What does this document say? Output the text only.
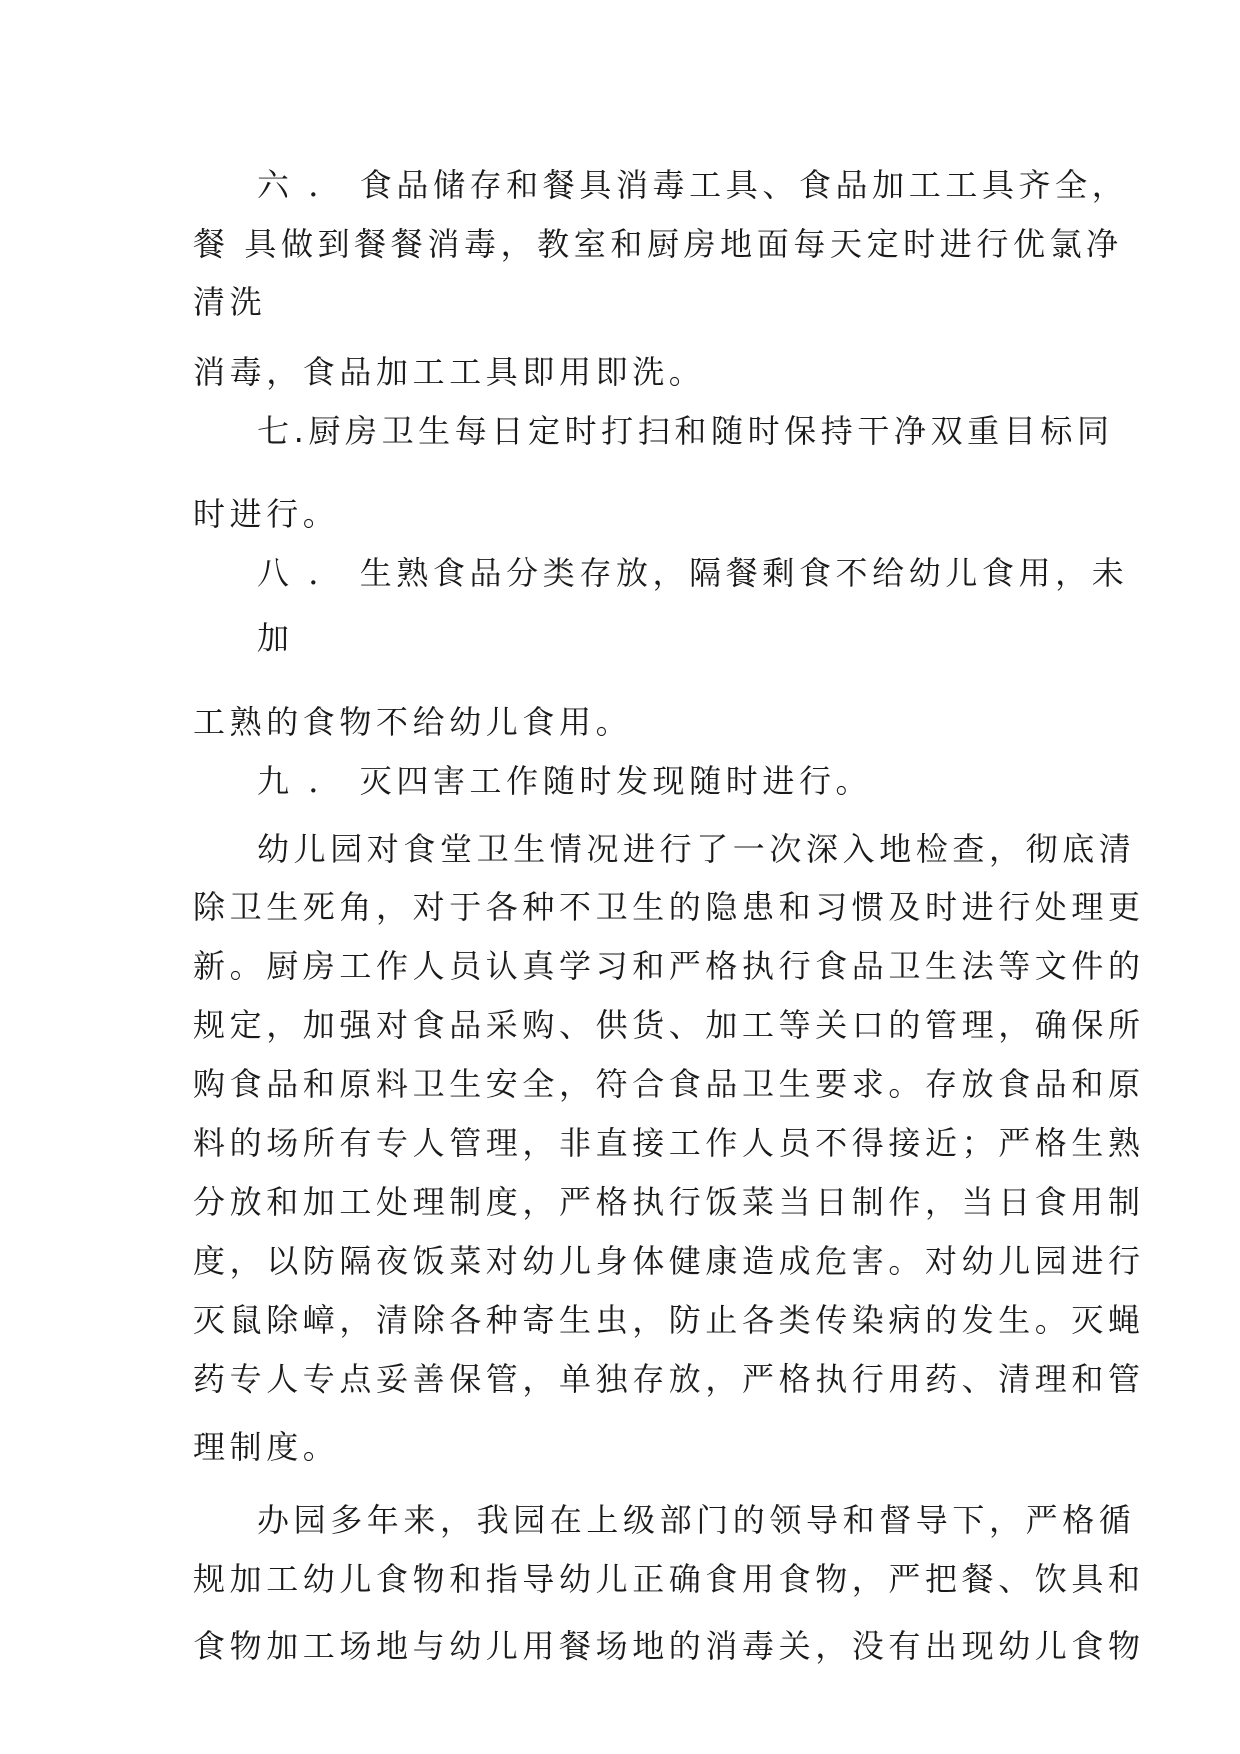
六 ． 食品储存和餐具消毒工具、食品加工工具齐全，
餐 具做到餐餐消毒，教室和厨房地面每天定时进行优氯净
清洗
消毒，食品加工工具即用即洗。
七.厨房卫生每日定时打扫和随时保持干净双重目标同
时进行。
八 ． 生熟食品分类存放，隔餐剩食不给幼儿食用，未
加
工熟的食物不给幼儿食用。
九 ． 灭四害工作随时发现随时进行。
幼儿园对食堂卫生情况进行了一次深入地检查，彻底清
除卫生死角，对于各种不卫生的隐患和习惯及时进行处理更
新。厨房工作人员认真学习和严格执行食品卫生法等文件的
规定，加强对食品采购、供货、加工等关口的管理，确保所
购食品和原料卫生安全，符合食品卫生要求。存放食品和原
料的场所有专人管理，非直接工作人员不得接近；严格生熟
分放和加工处理制度，严格执行饭菜当日制作，当日食用制
度，以防隔夜饭菜对幼儿身体健康造成危害。对幼儿园进行
灭鼠除嶂，清除各种寄生虫，防止各类传染病的发生。灭蝇
药专人专点妥善保管，单独存放，严格执行用药、清理和管
理制度。
办园多年来，我园在上级部门的领导和督导下，严格循
规加工幼儿食物和指导幼儿正确食用食物，严把餐、饮具和
食物加工场地与幼儿用餐场地的消毒关，没有出现幼儿食物
